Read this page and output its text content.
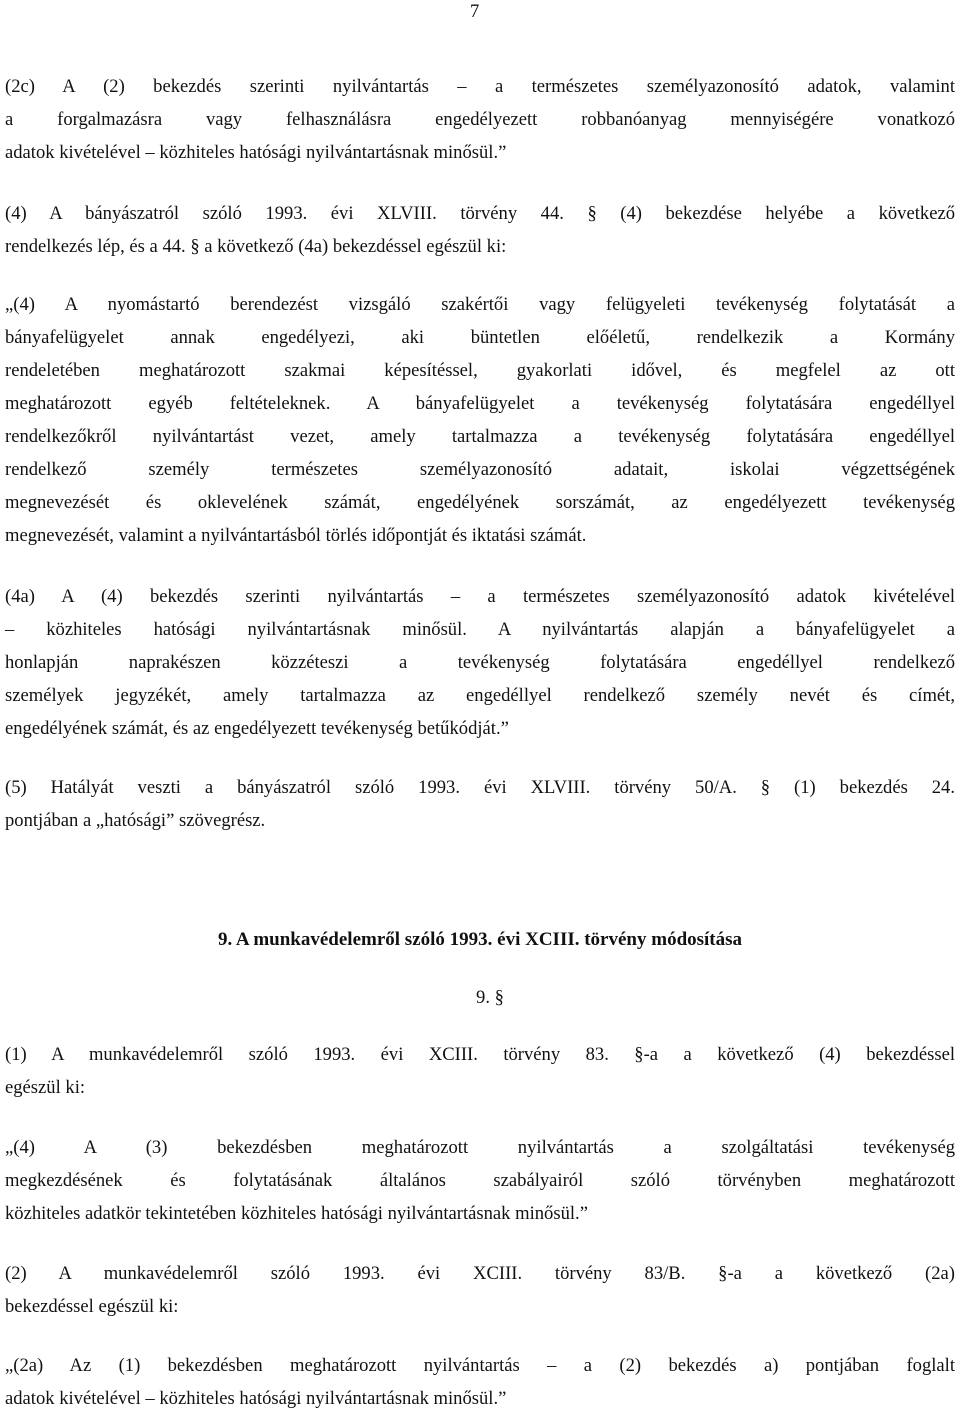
7
(2c) A (2) bekezdés szerinti nyilvántartás – a természetes személyazonosító adatok, valamint
a forgalmazásra vagy felhasználásra engedélyezett robbanóanyag mennyiségére vonatkozó
adatok kivételével – közhiteles hatósági nyilvántartásnak minősül.”
(4) A bányászatról szóló 1993. évi XLVIII. törvény 44. § (4) bekezdése helyébe a következő
rendelkezés lép, és a 44. § a következő (4a) bekezdéssel egészül ki:
„(4) A nyomástartó berendezést vizsgáló szakértői vagy felügyeleti tevékenység folytatását a
bányafelügyelet annak engedélyezi, aki büntetlen előéletű, rendelkezik a Kormány
rendeletében meghatározott szakmai képesítéssel, gyakorlati idővel, és megfelel az ott
meghatározott egyéb feltételeknek. A bányafelügyelet a tevékenység folytatására engedéllyel
rendelkezőkről nyilvántartást vezet, amely tartalmazza a tevékenység folytatására engedéllyel
rendelkező személy természetes személyazonosító adatait, iskolai végzettségének
megnevezését és oklevelének számát, engedélyének sorszámát, az engedélyezett tevékenység
megnevezését, valamint a nyilvántartásból törlés időpontját és iktatási számát.
(4a) A (4) bekezdés szerinti nyilvántartás – a természetes személyazonosító adatok kivételével
– közhiteles hatósági nyilvántartásnak minősül. A nyilvántartás alapján a bányafelügyelet a
honlapján naprakészen közzéteszi a tevékenység folytatására engedéllyel rendelkező
személyek jegyzékét, amely tartalmazza az engedéllyel rendelkező személy nevét és címét,
engedélyének számát, és az engedélyezett tevékenység betűkódját.”
(5) Hatályát veszti a bányászatról szóló 1993. évi XLVIII. törvény 50/A. § (1) bekezdés 24.
pontjában a „hatósági” szövegrész.
9. A munkavédelemről szóló 1993. évi XCIII. törvény módosítása
9. §
(1) A munkavédelemről szóló 1993. évi XCIII. törvény 83. §-a a következő (4) bekezdéssel
egészül ki:
„(4) A (3) bekezdésben meghatározott nyilvántartás a szolgáltatási tevékenység
megkezdésének és folytatásának általános szabályairól szóló törvényben meghatározott
közhiteles adatkör tekintetében közhiteles hatósági nyilvántartásnak minősül.”
(2) A munkavédelemről szóló 1993. évi XCIII. törvény 83/B. §-a a következő (2a)
bekezdéssel egészül ki:
„(2a) Az (1) bekezdésben meghatározott nyilvántartás – a (2) bekezdés a) pontjában foglalt
adatok kivételével – közhiteles hatósági nyilvántartásnak minősül.”
